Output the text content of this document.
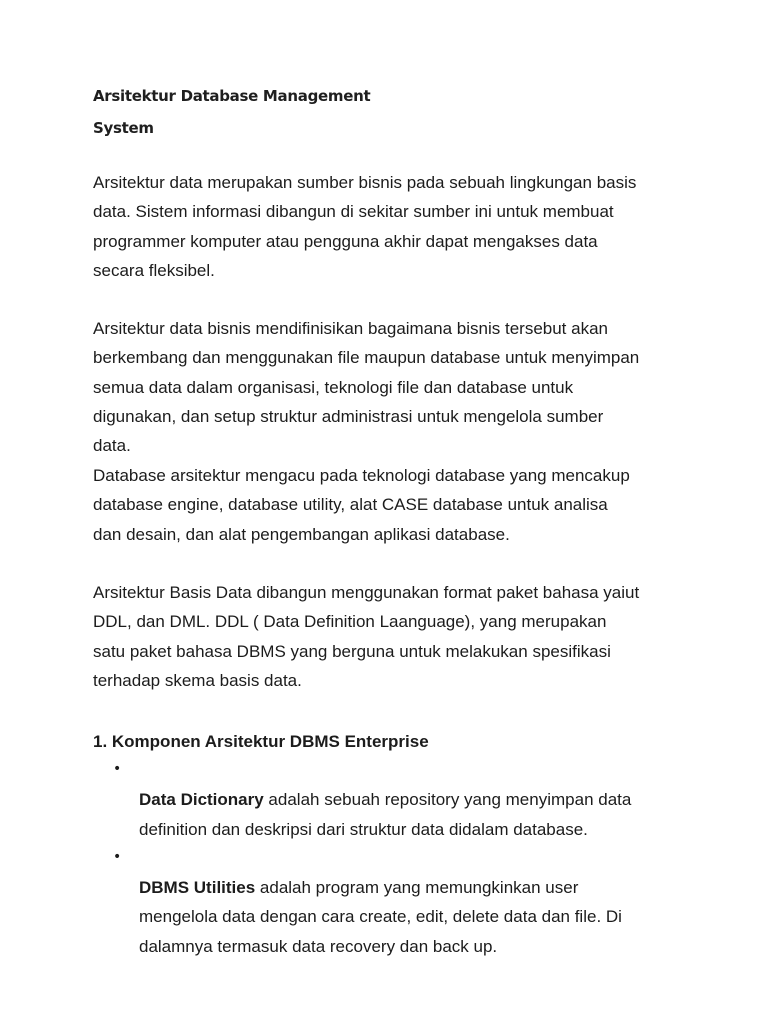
Arsitektur Database Management
System

Arsitektur data merupakan sumber bisnis pada sebuah lingkungan basis
data. Sistem informasi dibangun di sekitar sumber ini untuk membuat
programmer komputer atau pengguna akhir dapat mengakses data
secara fleksibel.

Arsitektur data bisnis mendifinisikan bagaimana bisnis tersebut akan
berkembang dan menggunakan file maupun database untuk menyimpan
semua data dalam organisasi, teknologi file dan database untuk
digunakan, dan setup struktur administrasi untuk mengelola sumber
data.

Database arsitektur mengacu pada teknologi database yang mencakup
database engine, database utility, alat CASE database untuk analisa
dan desain, dan alat pengembangan aplikasi database.

Arsitektur Basis Data dibangun menggunakan format paket bahasa yaiut
DDL, dan DML. DDL ( Data Definition Laanguage), yang merupakan
satu paket bahasa DBMS yang berguna untuk melakukan spesifikasi
terhadap skema basis data.

1. Komponen Arsitektur DBMS Enterprise

•
Data Dictionary adalah sebuah repository yang menyimpan data
definition dan deskripsi dari struktur data didalam database.

•
DBMS Utilities adalah program yang memungkinkan user
mengelola data dengan cara create, edit, delete data dan file. Di
dalamnya termasuk data recovery dan back up.
